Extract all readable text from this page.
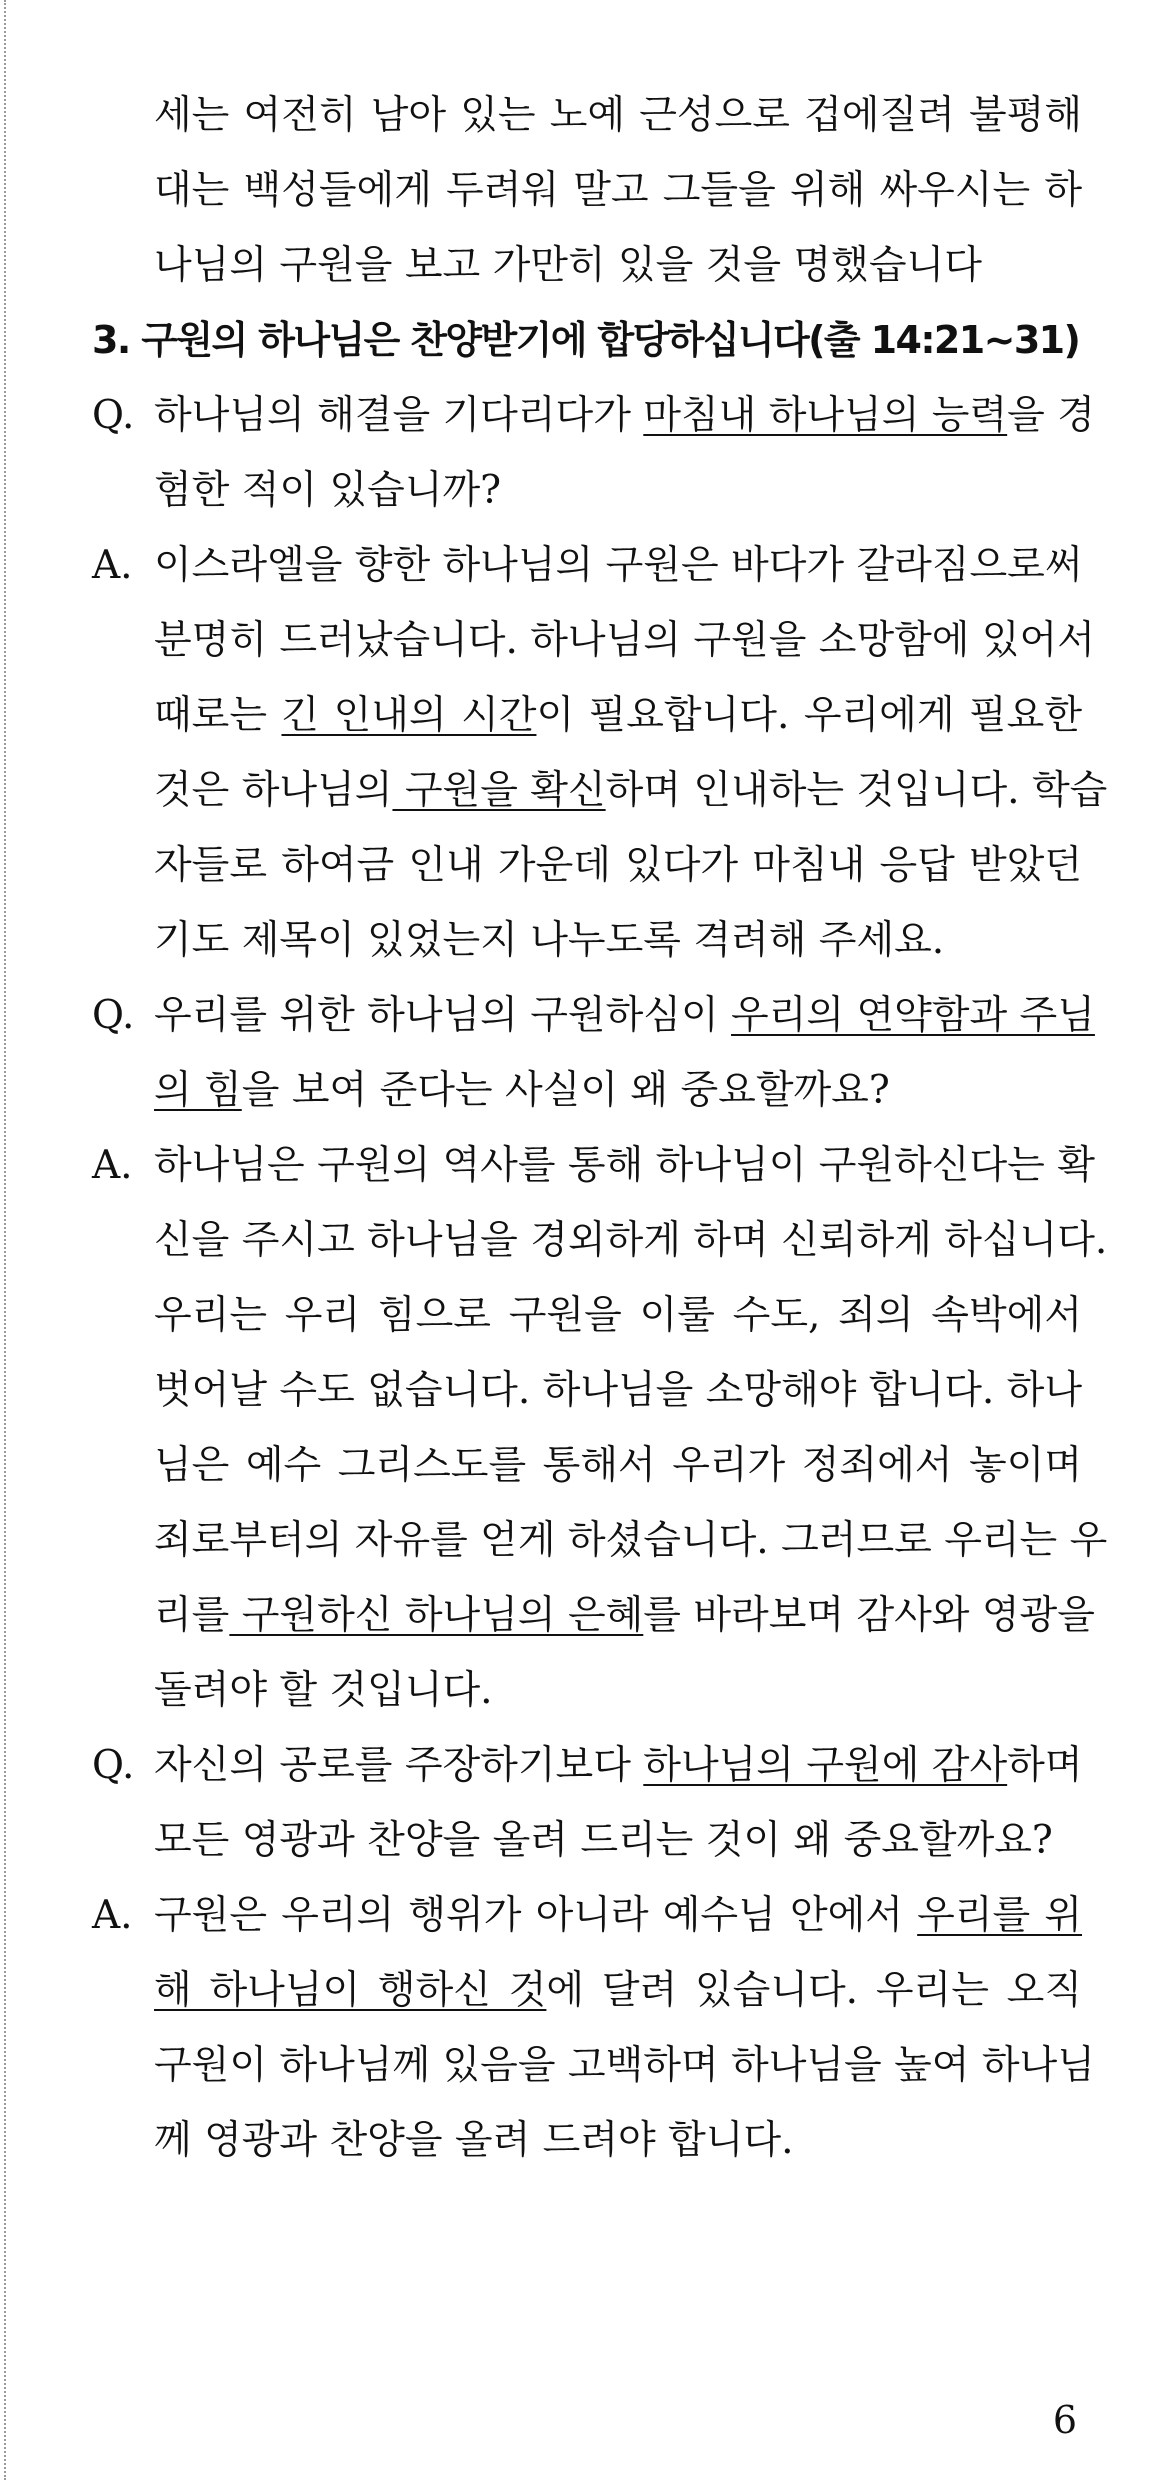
세는 여전히 남아 있는 노예 근성으로 겁에질려 불평해
대는 백성들에게 두려워 말고 그들을 위해 싸우시는 하
나님의 구원을 보고 가만히 있을 것을 명했습니다
3. 구원의 하나님은 찬양받기에 합당하십니다(출 14:21~31)
Q. 하나님의 해결을 기다리다가 마침내 하나님의 능력을 경
험한 적이 있습니까?
A. 이스라엘을 향한 하나님의 구원은 바다가 갈라짐으로써
분명히 드러났습니다. 하나님의 구원을 소망함에 있어서
때로는 긴 인내의 시간이 필요합니다. 우리에게 필요한
것은 하나님의 구원을 확신하며 인내하는 것입니다. 학습
자들로 하여금 인내 가운데 있다가 마침내 응답 받았던
기도 제목이 있었는지 나누도록 격려해 주세요.
Q. 우리를 위한 하나님의 구원하심이 우리의 연약함과 주님
의 힘을 보여 준다는 사실이 왜 중요할까요?
A. 하나님은 구원의 역사를 통해 하나님이 구원하신다는 확
신을 주시고 하나님을 경외하게 하며 신뢰하게 하십니다.
우리는 우리 힘으로 구원을 이룰 수도, 죄의 속박에서
벗어날 수도 없습니다. 하나님을 소망해야 합니다. 하나
님은 예수 그리스도를 통해서 우리가 정죄에서 놓이며
죄로부터의 자유를 얻게 하셨습니다. 그러므로 우리는 우
리를 구원하신 하나님의 은혜를 바라보며 감사와 영광을
돌려야 할 것입니다.
Q. 자신의 공로를 주장하기보다 하나님의 구원에 감사하며
모든 영광과 찬양을 올려 드리는 것이 왜 중요할까요?
A. 구원은 우리의 행위가 아니라 예수님 안에서 우리를 위
해 하나님이 행하신 것에 달려 있습니다. 우리는 오직
구원이 하나님께 있음을 고백하며 하나님을 높여 하나님
께 영광과 찬양을 올려 드려야 합니다.
6
